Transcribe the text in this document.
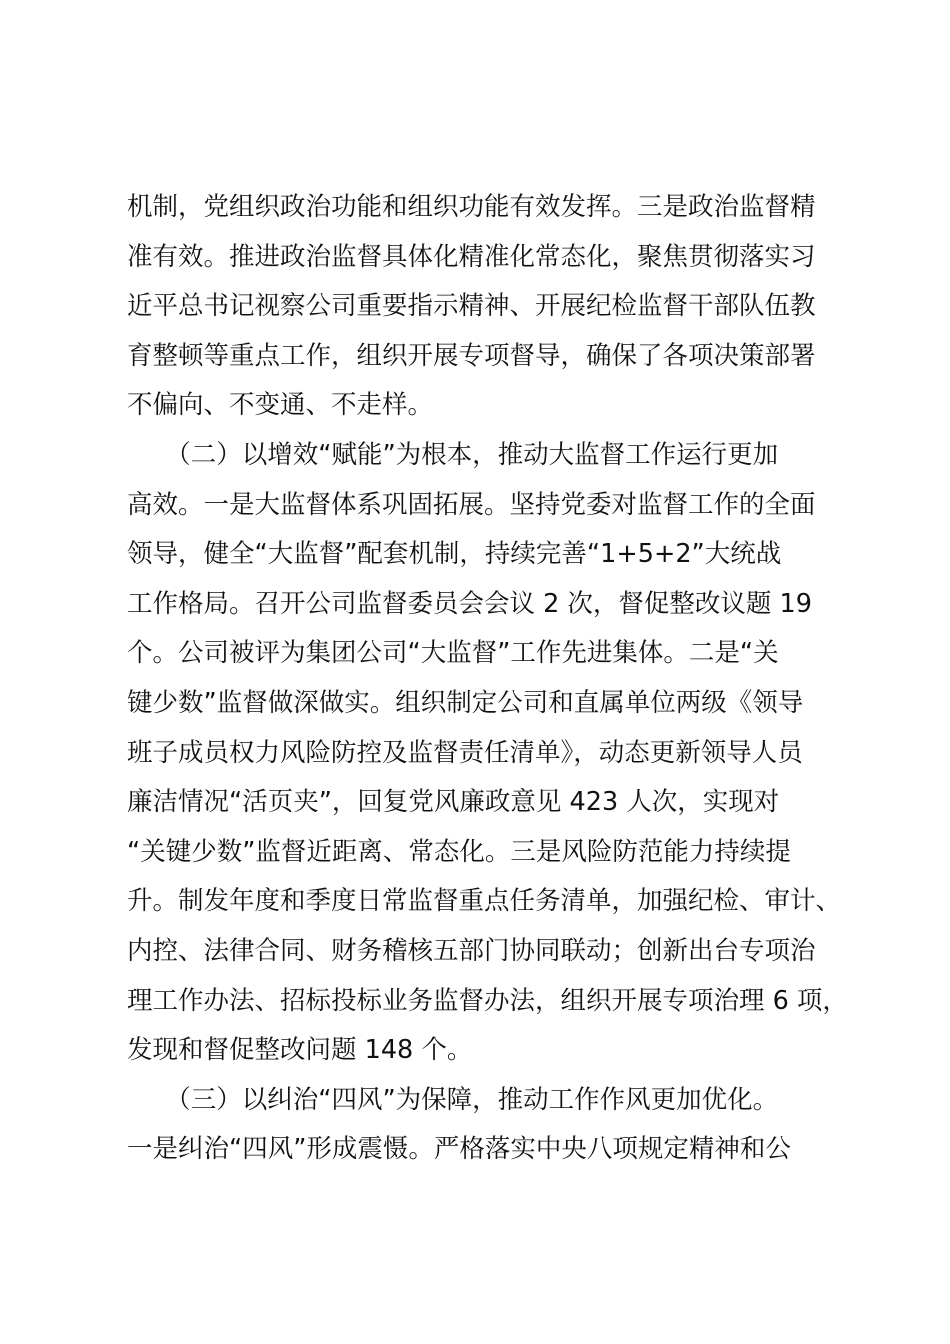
机制，党组织政治功能和组织功能有效发挥。三是政治监督精
准有效。推进政治监督具体化精准化常态化，聚焦贯彻落实习
近平总书记视察公司重要指示精神、开展纪检监督干部队伍教
育整顿等重点工作，组织开展专项督导，确保了各项决策部署
不偏向、不变通、不走样。
　　（二）以增效“赋能”为根本，推动大监督工作运行更加
高效。一是大监督体系巩固拓展。坚持党委对监督工作的全面
领导，健全“大监督”配套机制，持续完善“1+5+2”大统战
工作格局。召开公司监督委员会会议 2 次，督促整改议题 19
个。公司被评为集团公司“大监督”工作先进集体。二是“关
键少数”监督做深做实。组织制定公司和直属单位两级《领导
班子成员权力风险防控及监督责任清单》，动态更新领导人员
廉洁情况“活页夹”，回复党风廉政意见 423 人次，实现对
“关键少数”监督近距离、常态化。三是风险防范能力持续提
升。制发年度和季度日常监督重点任务清单，加强纪检、审计、
内控、法律合同、财务稽核五部门协同联动；创新出台专项治
理工作办法、招标投标业务监督办法，组织开展专项治理 6 项，
发现和督促整改问题 148 个。
　　（三）以纠治“四风”为保障，推动工作作风更加优化。
一是纠治“四风”形成震慑。严格落实中央八项规定精神和公
